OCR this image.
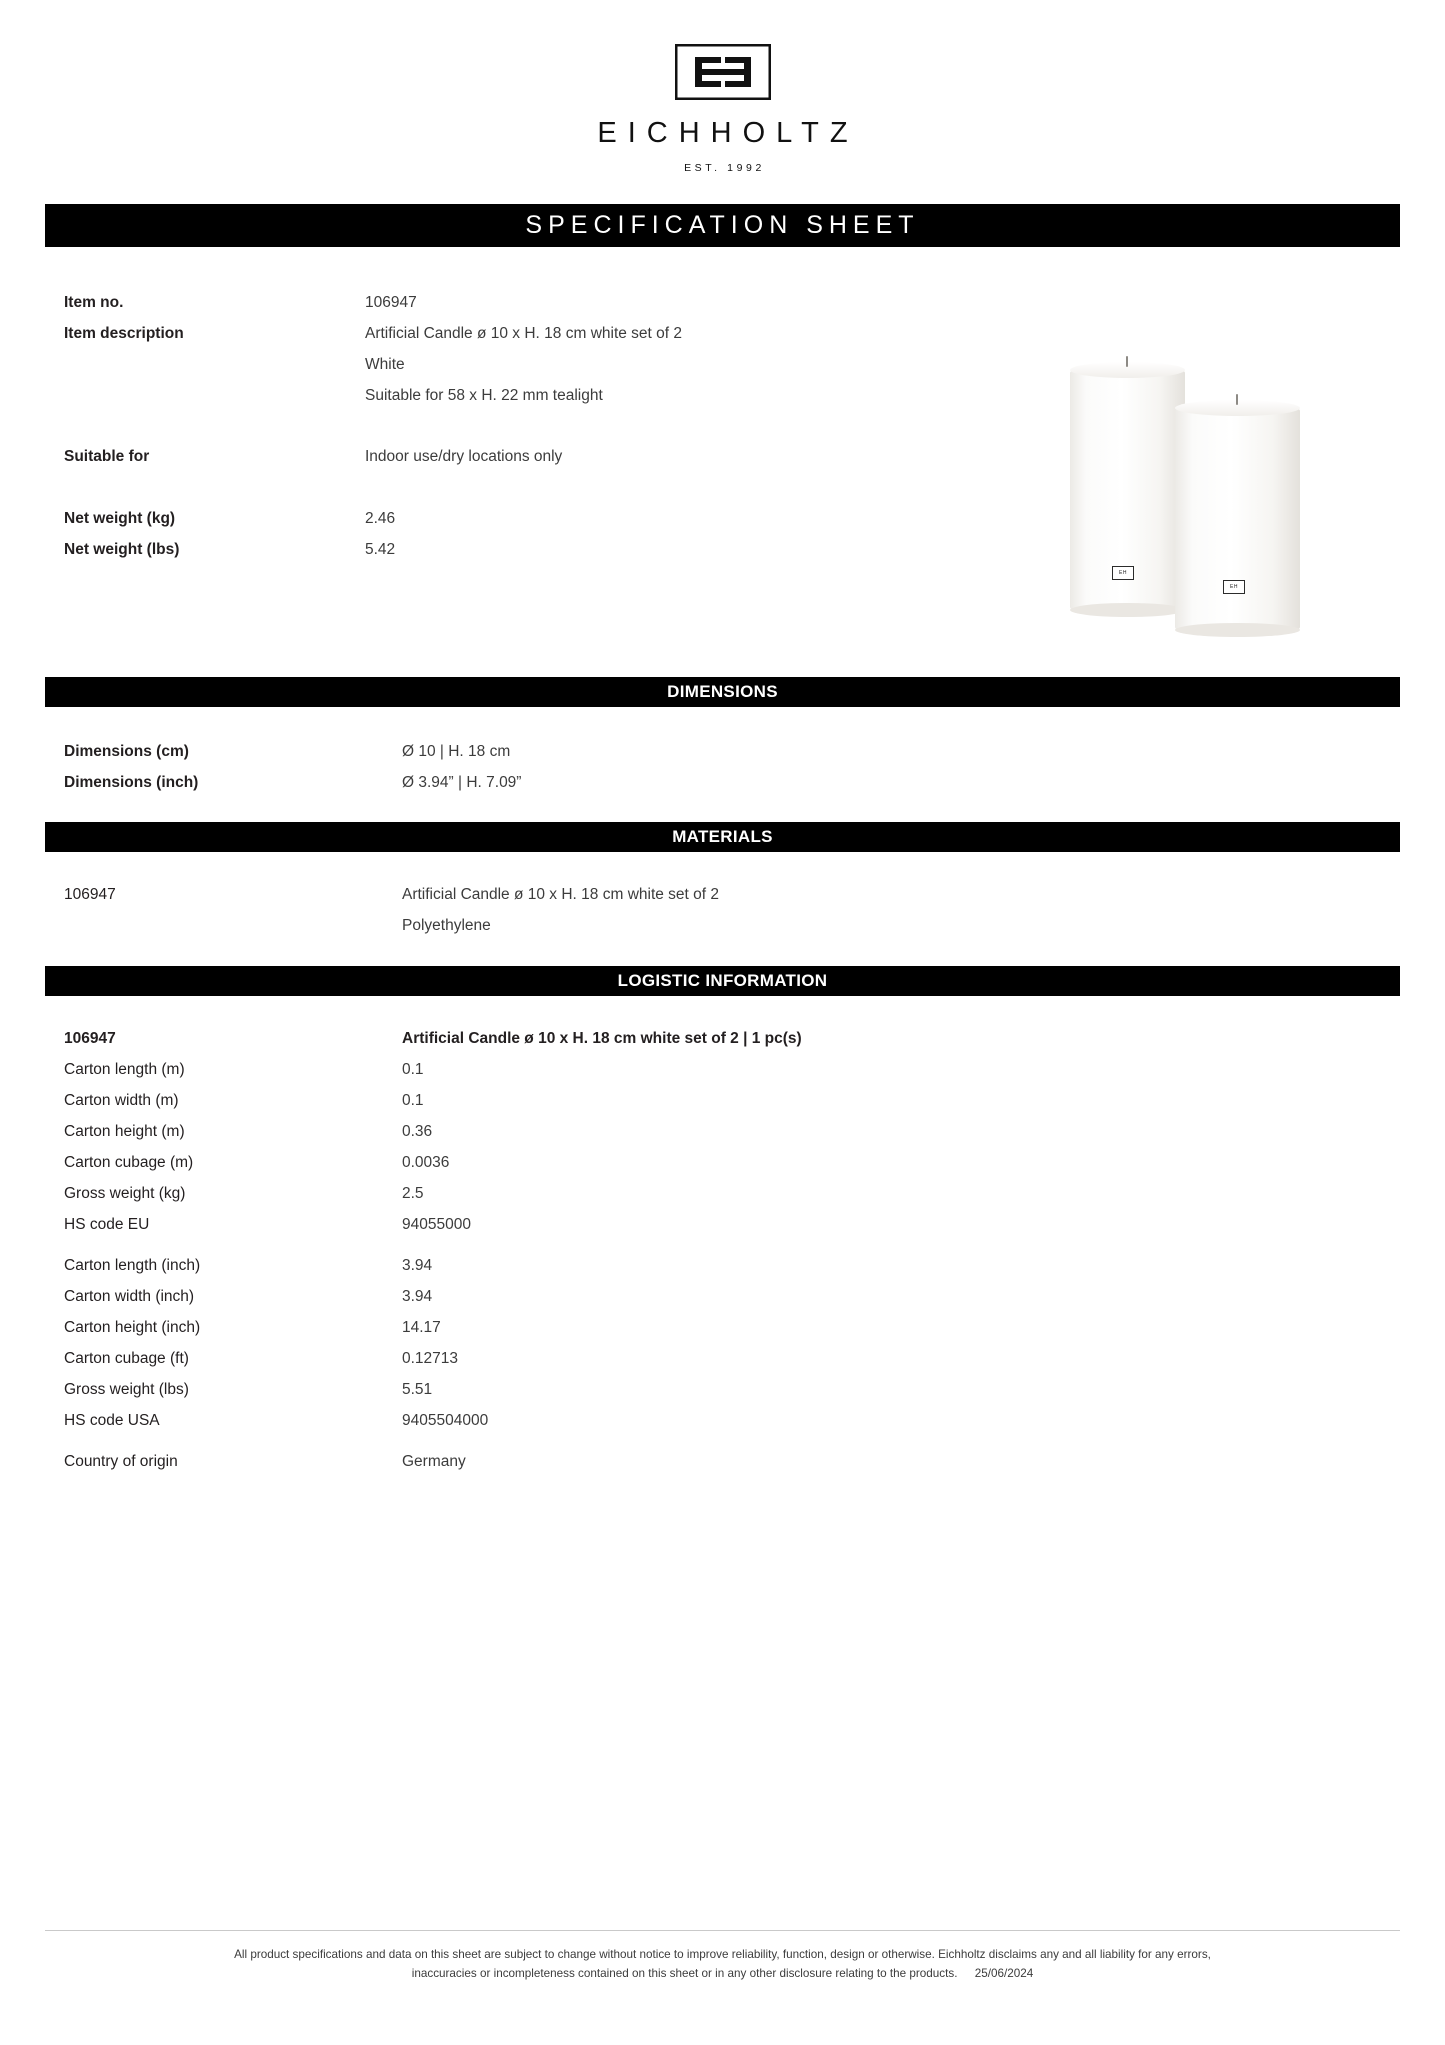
EICHHOLTZ
EST. 1992
SPECIFICATION SHEET
Item no.	106947
Item description	Artificial Candle ø 10 x H. 18 cm white set of 2
White
Suitable for 58 x H. 22 mm tealight
Suitable for	Indoor use/dry locations only
Net weight (kg)	2.46
Net weight (lbs)	5.42
EH
EH
DIMENSIONS
Dimensions (cm)	Ø 10 | H. 18 cm
Dimensions (inch)	Ø 3.94” | H. 7.09”
MATERIALS
106947	Artificial Candle ø 10 x H. 18 cm white set of 2
Polyethylene
LOGISTIC INFORMATION
106947	Artificial Candle ø 10 x H. 18 cm white set of 2 | 1 pc(s)
Carton length (m)	0.1
Carton width (m)	0.1
Carton height (m)	0.36
Carton cubage (m)	0.0036
Gross weight (kg)	2.5
HS code EU	94055000
Carton length (inch)	3.94
Carton width (inch)	3.94
Carton height (inch)	14.17
Carton cubage (ft)	0.12713
Gross weight (lbs)	5.51
HS code USA	9405504000
Country of origin	Germany
All product specifications and data on this sheet are subject to change without notice to improve reliability, function, design or otherwise. Eichholtz disclaims any and all liability for any errors,
inaccuracies or incompleteness contained on this sheet or in any other disclosure relating to the products. 25/06/2024
